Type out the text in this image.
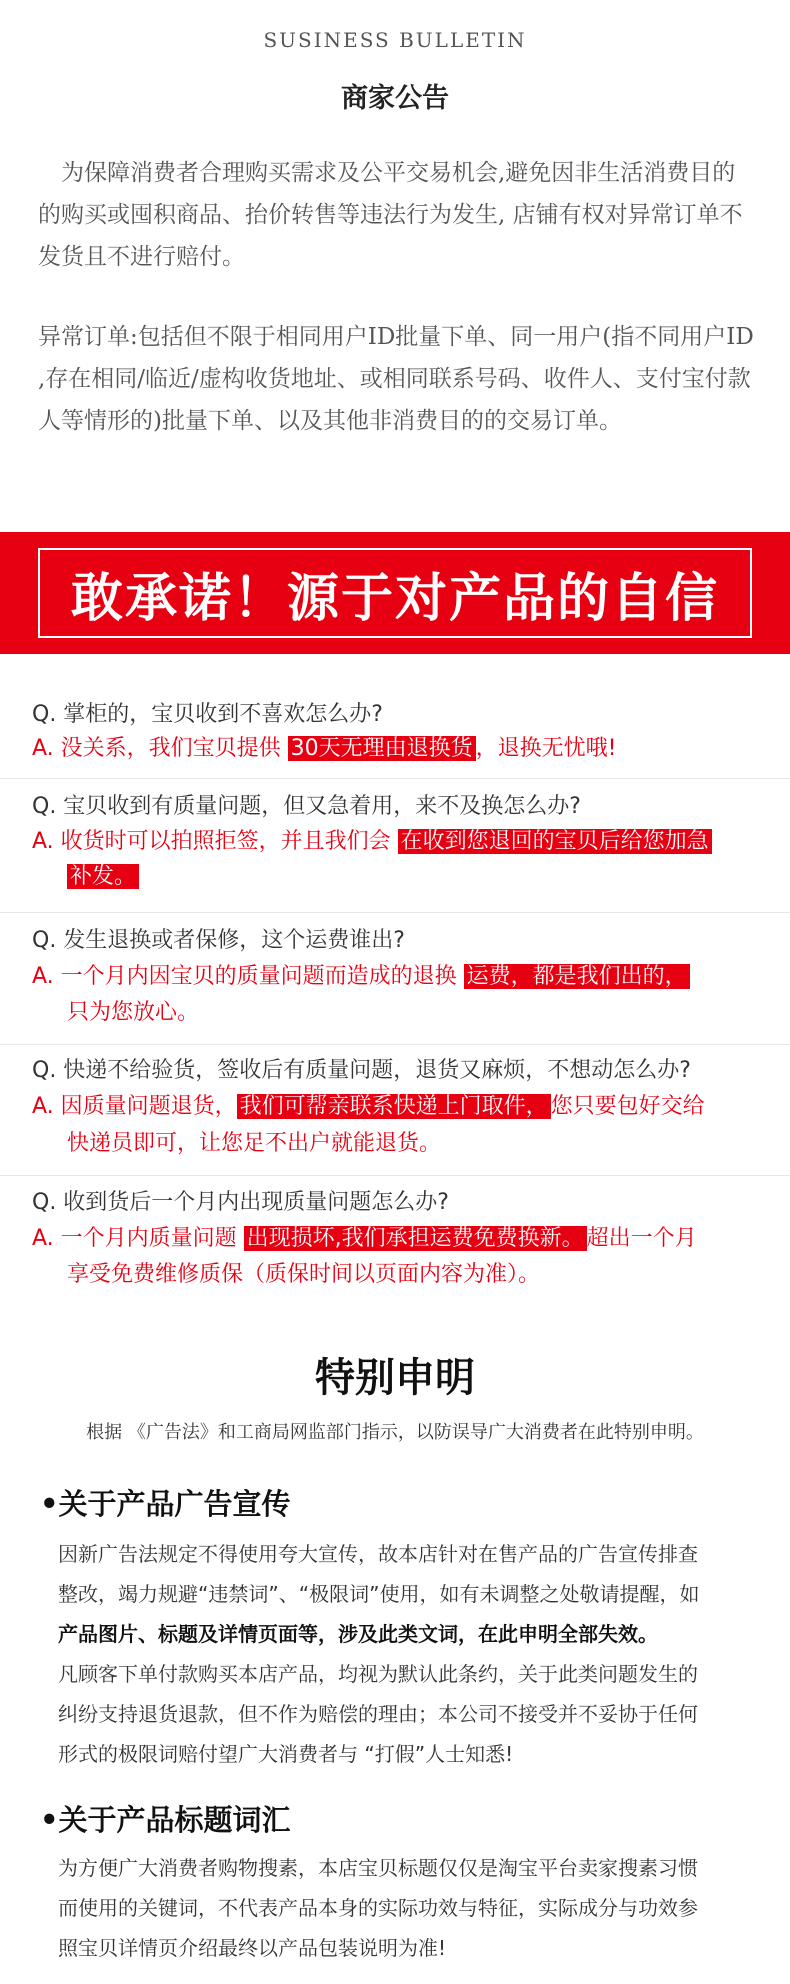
SUSINESS BULLETIN
商家公告
为保障消费者合理购买需求及公平交易机会,避免因非生活消费目的的购买或囤积商品、抬价转售等违法行为发生, 店铺有权对异常订单不发货且不进行赔付。
异常订单:包括但不限于相同用户ID批量下单、同一用户(指不同用户ID ,存在相同/临近/虚构收货地址、或相同联系号码、收件人、支付宝付款人等情形的)批量下单、以及其他非消费目的的交易订单。
敢承诺！源于对产品的自信
Q. 掌柜的，宝贝收到不喜欢怎么办?
A. 没关系，我们宝贝提供 30天无理由退换货 ，退换无忧哦!
Q. 宝贝收到有质量问题，但又急着用，来不及换怎么办?
A. 收货时可以拍照拒签，并且我们会 在收到您退回的宝贝后给您加急
补发。
Q. 发生退换或者保修，这个运费谁出?
A. 一个月内因宝贝的质量问题而造成的退换 运费，都是我们出的，
只为您放心。
Q. 快递不给验货，签收后有质量问题，退货又麻烦，不想动怎么办?
A. 因质量问题退货， 我们可帮亲联系快递上门取件， 您只要包好交给
快递员即可，让您足不出户就能退货。
Q. 收到货后一个月内出现质量问题怎么办?
A. 一个月内质量问题 出现损坏,我们承担运费免费换新。 超出一个月
享受免费维修质保（质保时间以页面内容为准）。
特别申明
根据 《广告法》和工商局网监部门指示，以防误导广大消费者在此特别申明。
•关于产品广告宣传
因新广告法规定不得使用夸大宣传，故本店针对在售产品的广告宣传排查
整改，竭力规避“违禁词”、“极限词”使用，如有未调整之处敬请提醒，如
产品图片、标题及详情页面等，涉及此类文词，在此申明全部失效。
凡顾客下单付款购买本店产品，均视为默认此条约，关于此类问题发生的
纠纷支持退货退款，但不作为赔偿的理由；本公司不接受并不妥协于任何
形式的极限词赔付望广大消费者与 “打假”人士知悉!
•关于产品标题词汇
为方便广大消费者购物搜素，本店宝贝标题仅仅是淘宝平台卖家搜素习惯
而使用的关键词，不代表产品本身的实际功效与特征，实际成分与功效参
照宝贝详情页介绍最终以产品包装说明为准!
